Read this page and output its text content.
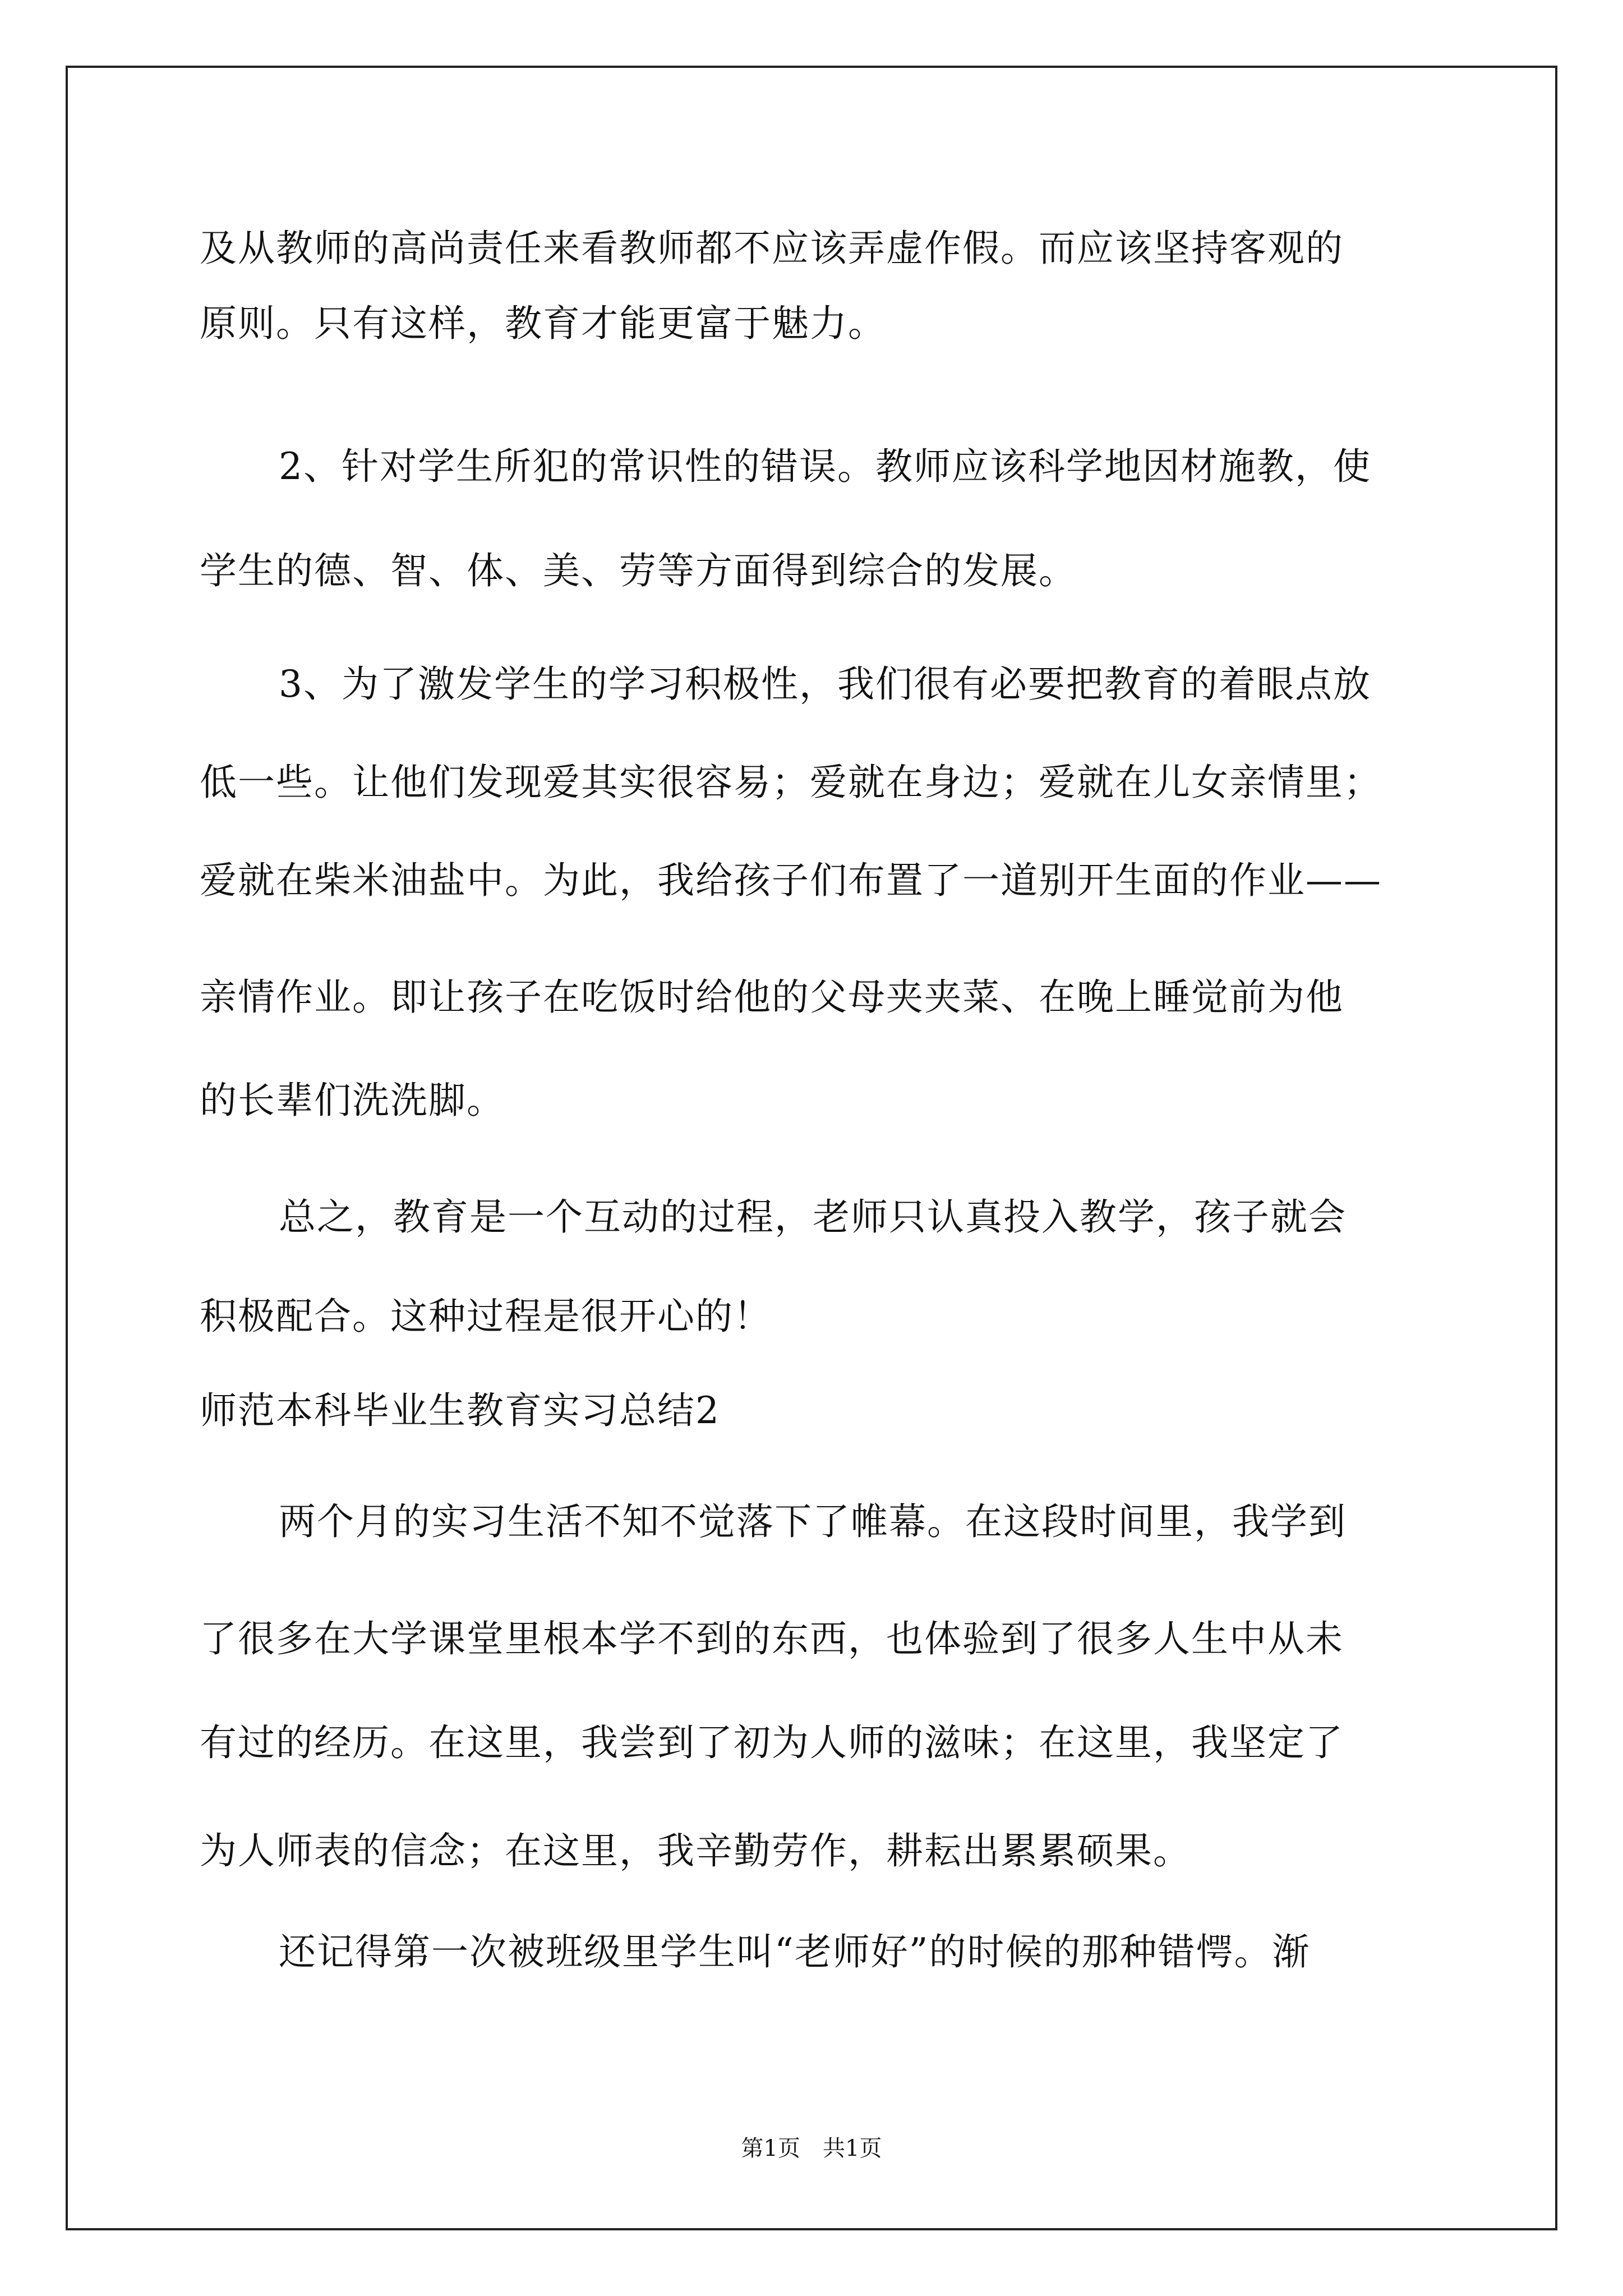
及从教师的高尚责任来看教师都不应该弄虚作假。而应该坚持客观的
原则。只有这样，教育才能更富于魅力。
2、针对学生所犯的常识性的错误。教师应该科学地因材施教，使
学生的德、智、体、美、劳等方面得到综合的发展。
3、为了激发学生的学习积极性，我们很有必要把教育的着眼点放
低一些。让他们发现爱其实很容易；爱就在身边；爱就在儿女亲情里；
爱就在柴米油盐中。为此，我给孩子们布置了一道别开生面的作业——
亲情作业。即让孩子在吃饭时给他的父母夹夹菜、在晚上睡觉前为他
的长辈们洗洗脚。
总之，教育是一个互动的过程，老师只认真投入教学，孩子就会
积极配合。这种过程是很开心的！
师范本科毕业生教育实习总结2
两个月的实习生活不知不觉落下了帷幕。在这段时间里，我学到
了很多在大学课堂里根本学不到的东西，也体验到了很多人生中从未
有过的经历。在这里，我尝到了初为人师的滋味；在这里，我坚定了
为人师表的信念；在这里，我辛勤劳作，耕耘出累累硕果。
还记得第一次被班级里学生叫“老师好”的时候的那种错愕。渐
第1页　共1页
